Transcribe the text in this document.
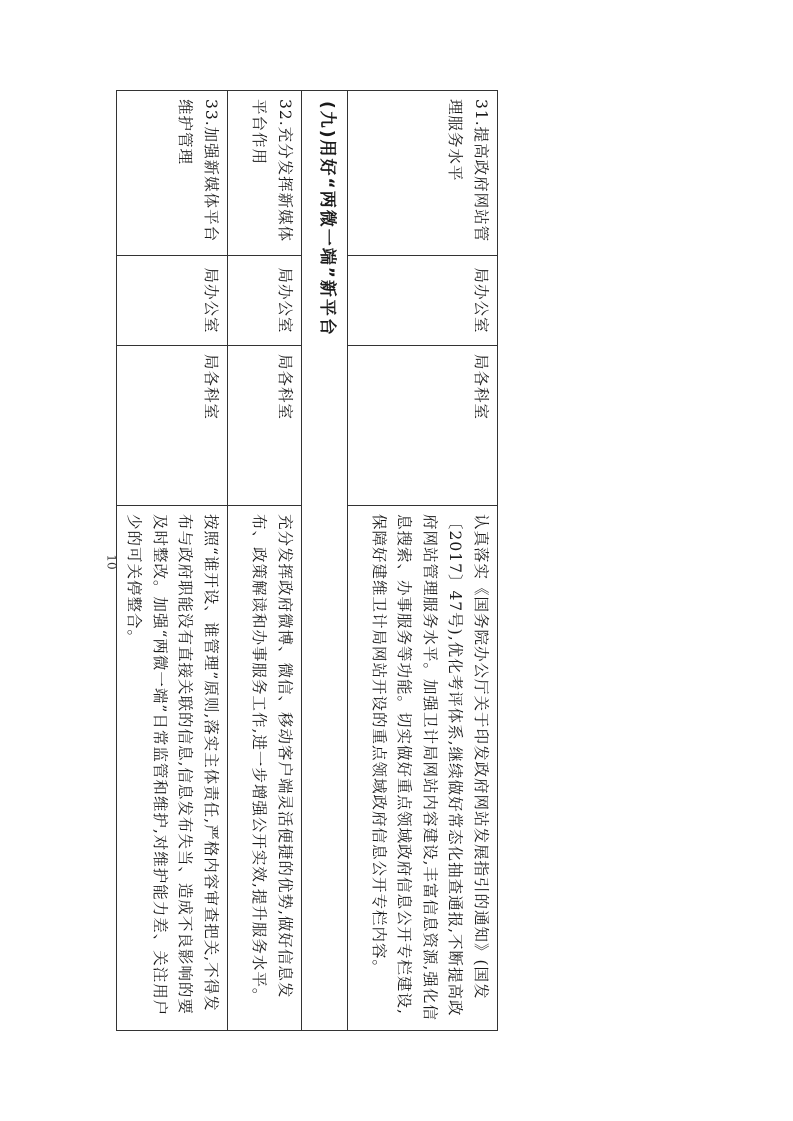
31.提高政府网站管理服务水平	局办公室	局各科室	认真落实《国务院办公厅关于印发政府网站发展指引的通知》(国发〔2017〕47号),优化考评体系,继续做好常态化抽查通报,不断提高政府网站管理服务水平。加强卫计局网站内容建设,丰富信息资源,强化信息搜索、办事服务等功能。切实做好重点领域政府信息公开专栏建设,保障好建维卫计局网站开设的重点领域政府信息公开专栏内容。
(九)用好“两微一端”新平台			
32.充分发挥新媒体平台作用	局办公室	局各科室	充分发挥政府微博、微信、移动客户端灵活便捷的优势,做好信息发布、政策解读和办事服务工作,进一步增强公开实效,提升服务水平。
33.加强新媒体平台维护管理	局办公室	局各科室	按照“谁开设、谁管理”原则,落实主体责任,严格内容审查把关,不得发布与政府职能没有直接关联的信息,信息发布失当、造成不良影响的要及时整改。加强“两微一端”日常监管和维护,对维护能力差、关注用户少的可关停整合。
10
